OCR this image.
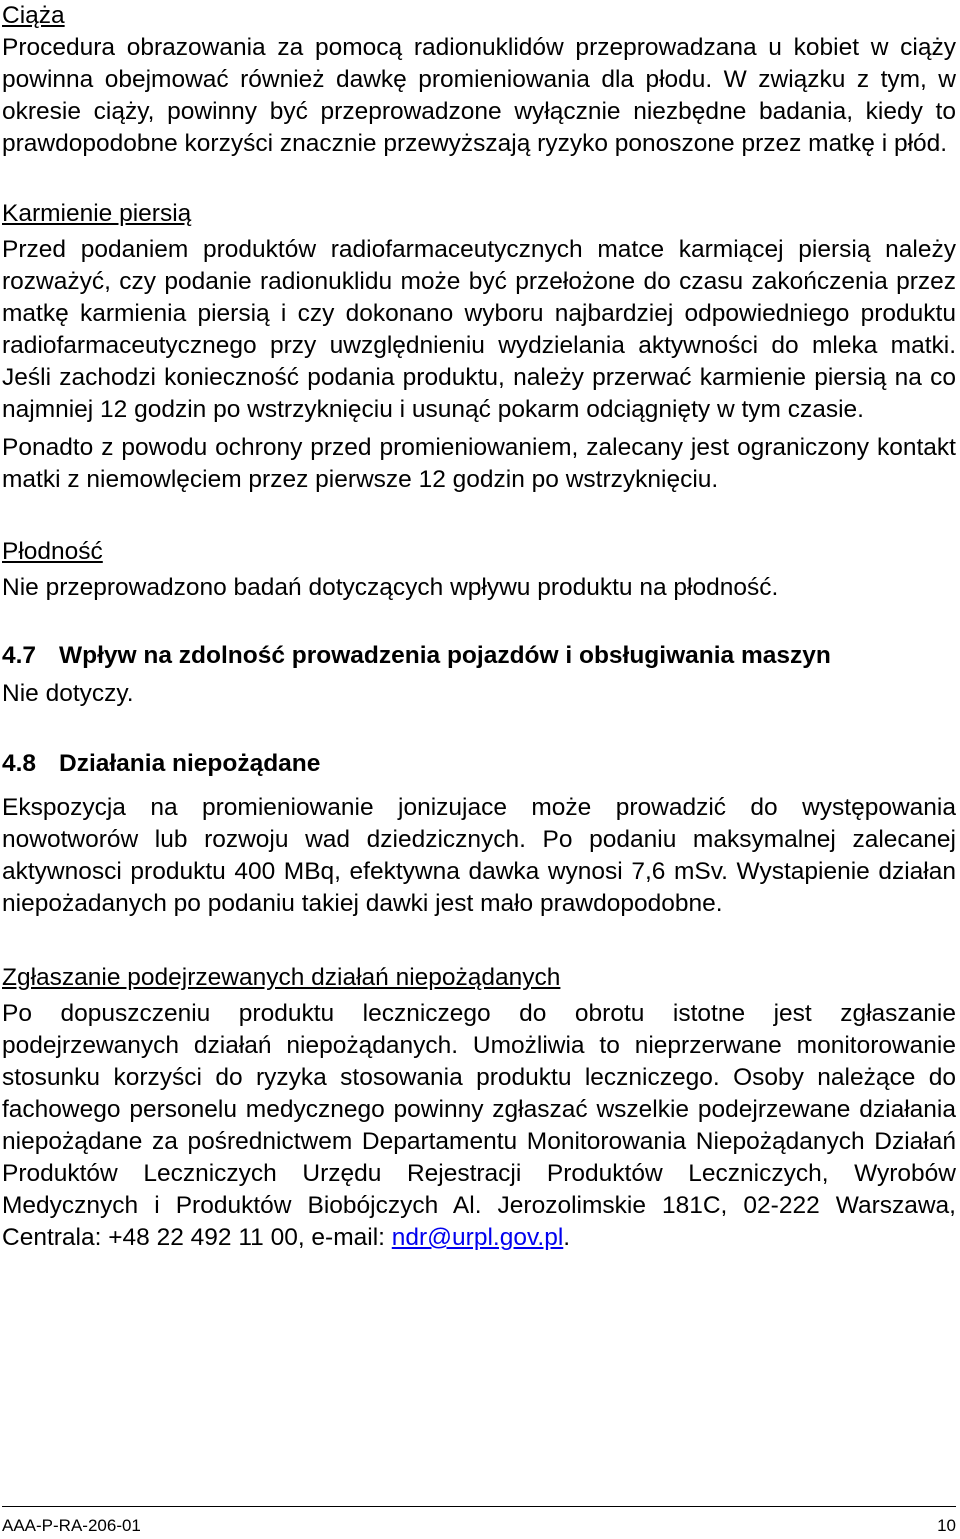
Ciąża

Procedura obrazowania za pomocą radionuklidów przeprowadzana u kobiet w ciąży powinna obejmować również dawkę promieniowania dla płodu. W związku z tym, w okresie ciąży, powinny być przeprowadzone wyłącznie niezbędne badania, kiedy to prawdopodobne korzyści znacznie przewyższają ryzyko ponoszone przez matkę i płód.

Karmienie piersią

Przed podaniem produktów radiofarmaceutycznych matce karmiącej piersią należy rozważyć, czy podanie radionuklidu może być przełożone do czasu zakończenia przez matkę karmienia piersią i czy dokonano wyboru najbardziej odpowiedniego produktu radiofarmaceutycznego przy uwzględnieniu wydzielania aktywności do mleka matki. Jeśli zachodzi konieczność podania produktu, należy przerwać karmienie piersią na co najmniej 12 godzin po wstrzyknięciu i usunąć pokarm odciągnięty w tym czasie.

Ponadto z powodu ochrony przed promieniowaniem, zalecany jest ograniczony kontakt matki z niemowlęciem przez pierwsze 12 godzin po wstrzyknięciu.

Płodność

Nie przeprowadzono badań dotyczących wpływu produktu na płodność.

4.7 Wpływ na zdolność prowadzenia pojazdów i obsługiwania maszyn

Nie dotyczy.

4.8 Działania niepożądane

Ekspozycja na promieniowanie jonizujace może prowadzić do występowania nowotworów lub rozwoju wad dziedzicznych. Po podaniu maksymalnej zalecanej aktywnosci produktu 400 MBq, efektywna dawka wynosi 7,6 mSv. Wystapienie działan niepożadanych po podaniu takiej dawki jest mało prawdopodobne.

Zgłaszanie podejrzewanych działań niepożądanych

Po dopuszczeniu produktu leczniczego do obrotu istotne jest zgłaszanie podejrzewanych działań niepożądanych. Umożliwia to nieprzerwane monitorowanie stosunku korzyści do ryzyka stosowania produktu leczniczego. Osoby należące do fachowego personelu medycznego powinny zgłaszać wszelkie podejrzewane działania niepożądane za pośrednictwem Departamentu Monitorowania Niepożądanych Działań Produktów Leczniczych Urzędu Rejestracji Produktów Leczniczych, Wyrobów Medycznych i Produktów Biobójczych Al. Jerozolimskie 181C, 02-222 Warszawa, Centrala: +48 22 492 11 00, e-mail: ndr@urpl.gov.pl.

AAA-P-RA-206-01	10
